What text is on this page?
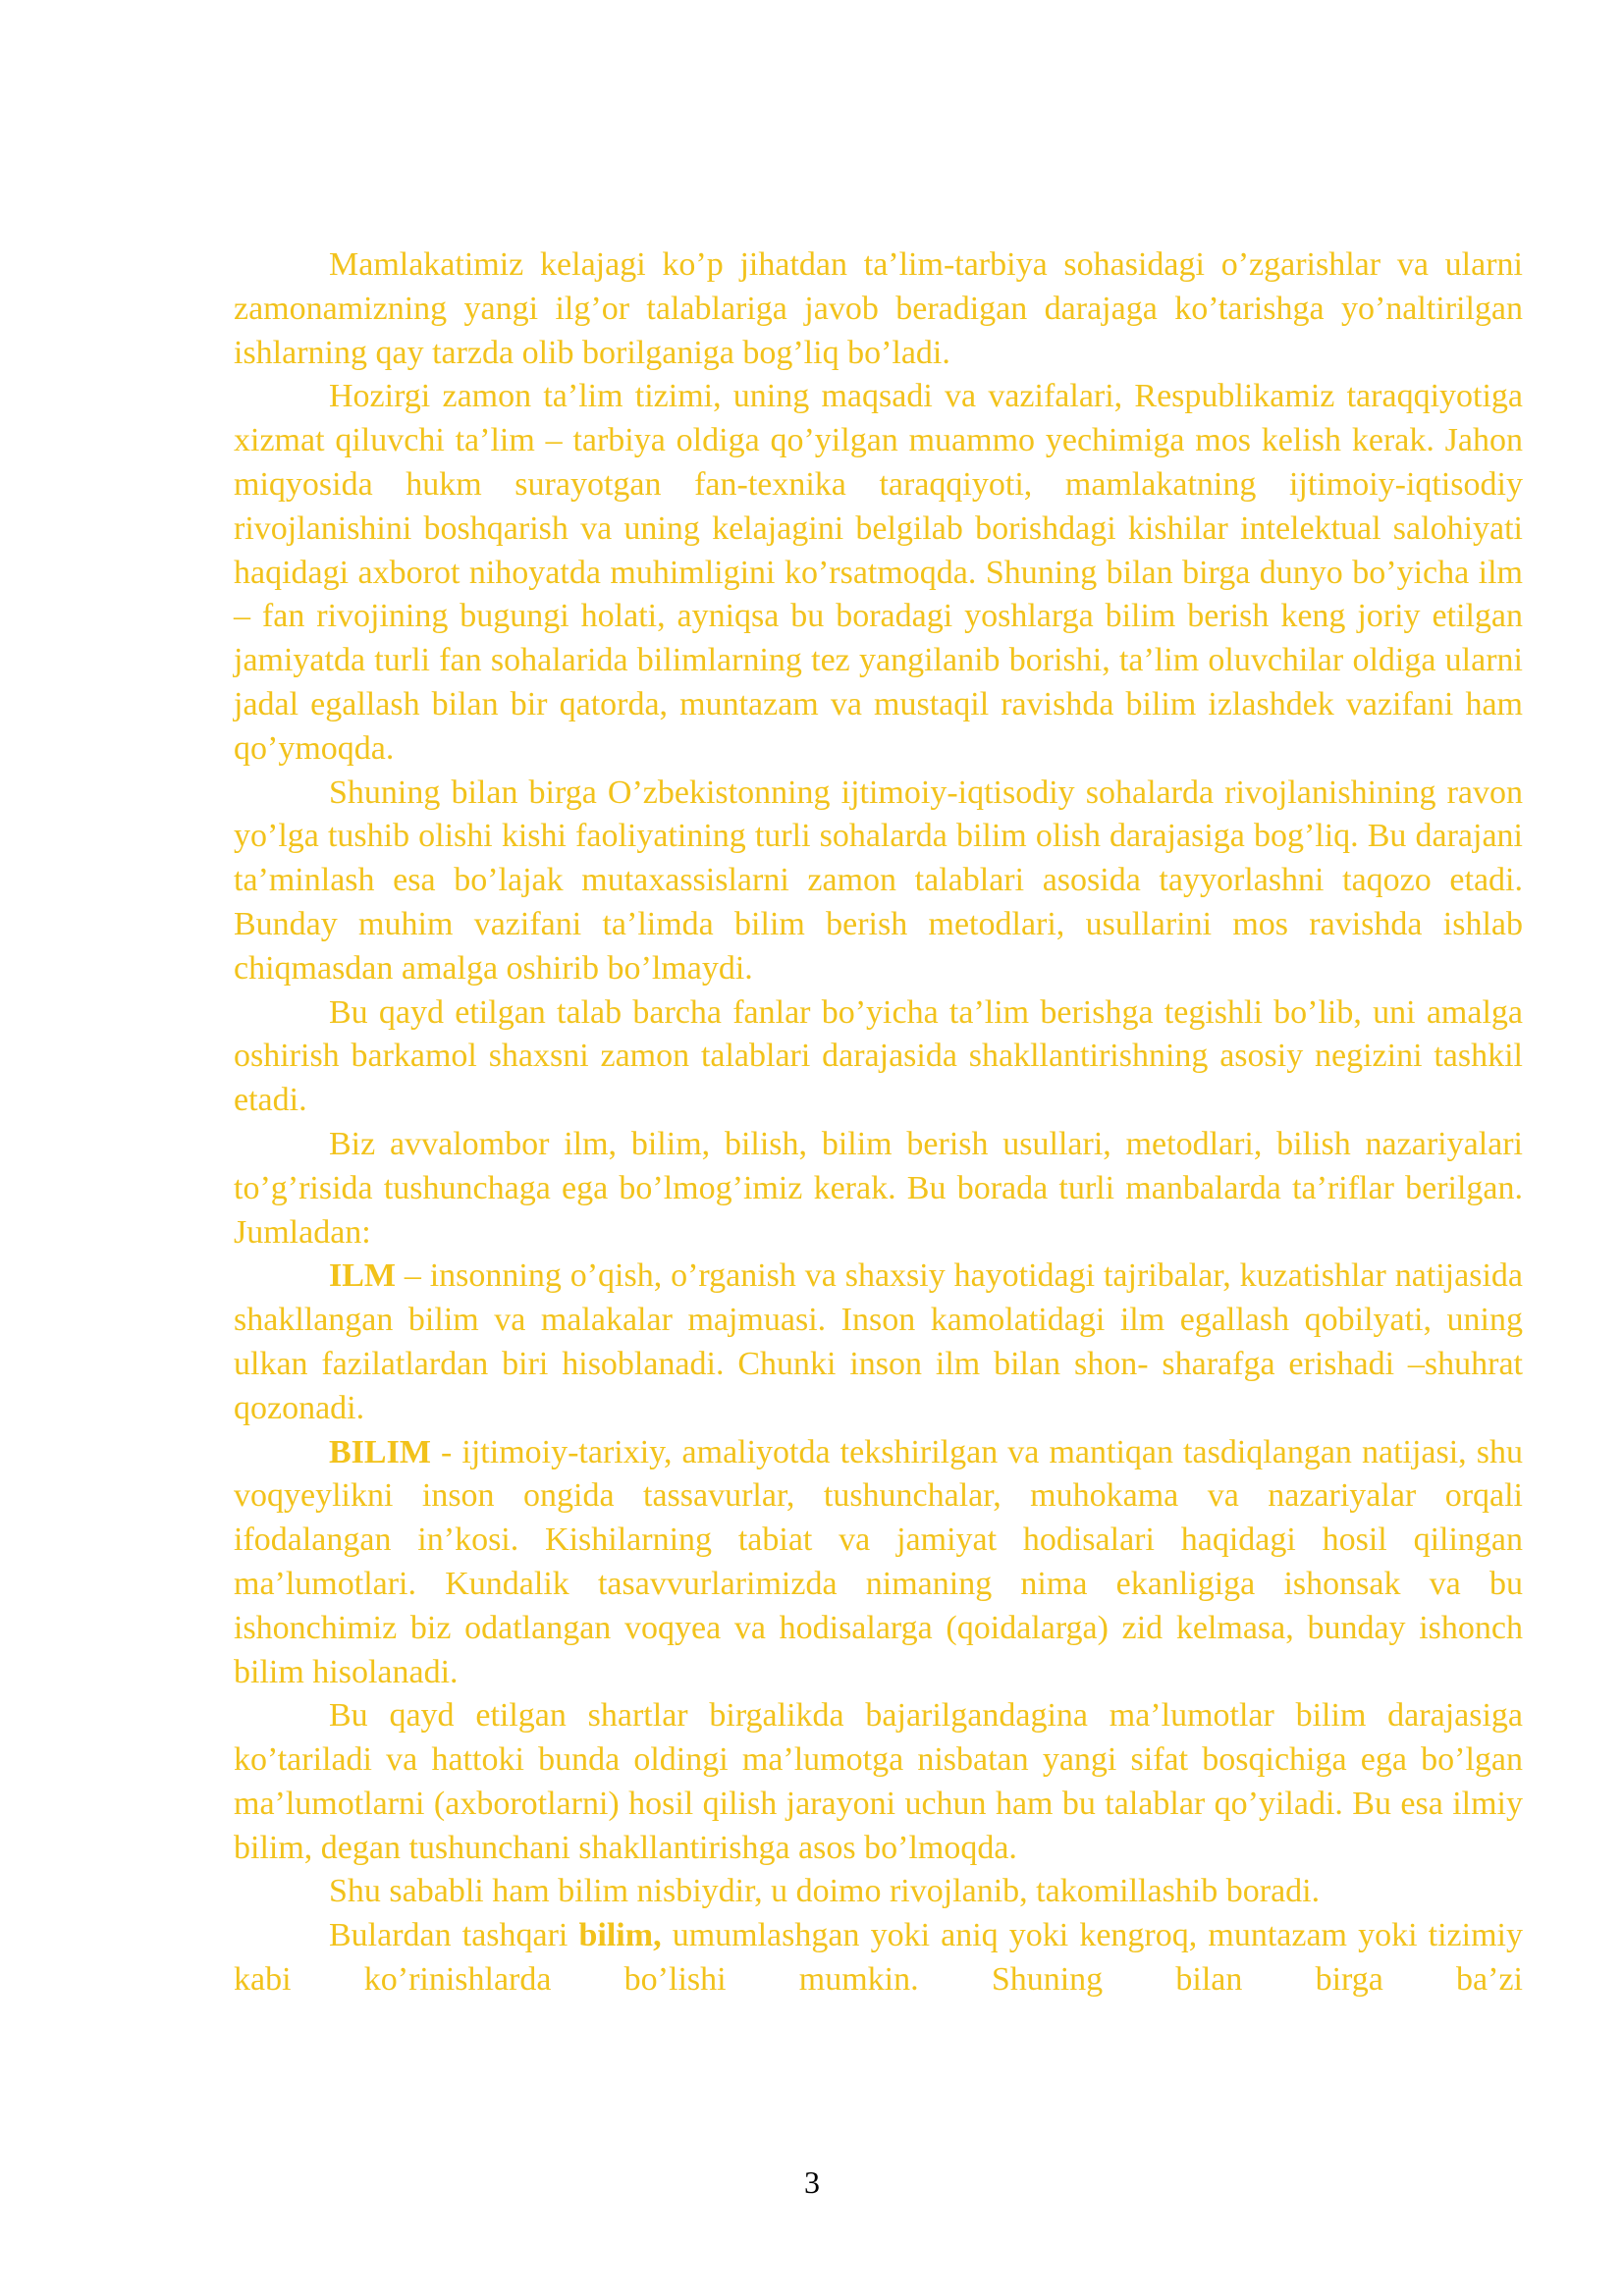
Mamlakatimiz kelajagi ko’p jihatdan ta’lim-tarbiya sohasidagi o’zgarishlar va ularni zamonamizning yangi ilg’or talablariga javob beradigan darajaga ko’tarishga yo’naltirilgan ishlarning qay tarzda olib borilganiga bog’liq bo’ladi.

Hozirgi zamon ta’lim tizimi, uning maqsadi va vazifalari, Respublikamiz taraqqiyotiga xizmat qiluvchi ta’lim – tarbiya oldiga qo’yilgan muammo yechimiga mos kelish kerak. Jahon miqyosida hukm surayotgan fan-texnika taraqqiyoti, mamlakatning ijtimoiy-iqtisodiy rivojlanishini boshqarish va uning kelajagini belgilab borishdagi kishilar intelektual salohiyati haqidagi axborot nihoyatda muhimligini ko’rsatmoqda. Shuning bilan birga dunyo bo’yicha ilm – fan rivojining bugungi holati, ayniqsa bu boradagi yoshlarga bilim berish keng joriy etilgan jamiyatda turli fan sohalarida bilimlarning tez yangilanib borishi, ta’lim oluvchilar oldiga ularni jadal egallash bilan bir qatorda, muntazam va mustaqil ravishda bilim izlashdek vazifani ham qo’ymoqda.

Shuning bilan birga O’zbekistonning ijtimoiy-iqtisodiy sohalarda rivojlanishining ravon yo’lga tushib olishi kishi faoliyatining turli sohalarda bilim olish darajasiga bog’liq. Bu darajani ta’minlash esa bo’lajak mutaxassislarni zamon talablari asosida tayyorlashni taqozo etadi. Bunday muhim vazifani ta’limda bilim berish metodlari, usullarini mos ravishda ishlab chiqmasdan amalga oshirib bo’lmaydi.

Bu qayd etilgan talab barcha fanlar bo’yicha ta’lim berishga tegishli bo’lib, uni amalga oshirish barkamol shaxsni zamon talablari darajasida shakllantirishning asosiy negizini tashkil etadi.

Biz avvalombor ilm, bilim, bilish, bilim berish usullari, metodlari, bilish nazariyalari to’g’risida tushunchaga ega bo’lmog’imiz kerak. Bu borada turli manbalarda ta’riflar berilgan. Jumladan:

ILM – insonning o’qish, o’rganish va shaxsiy hayotidagi tajribalar, kuzatishlar natijasida shakllangan bilim va malakalar majmuasi. Inson kamolatidagi ilm egallash qobilyati, uning ulkan fazilatlardan biri hisoblanadi. Chunki inson ilm bilan shon- sharafga erishadi –shuhrat qozonadi.

BILIM - ijtimoiy-tarixiy, amaliyotda tekshirilgan va mantiqan tasdiqlangan natijasi, shu voqyeylikni inson ongida tassavurlar, tushunchalar, muhokama va nazariyalar orqali ifodalangan in’kosi. Kishilarning tabiat va jamiyat hodisalari haqidagi hosil qilingan ma’lumotlari. Kundalik tasavvurlarimizda nimaning nima ekanligiga ishonsak va bu ishonchimiz biz odatlangan voqyea va hodisalarga (qoidalarga) zid kelmasa, bunday ishonch bilim hisolanadi.

Bu qayd etilgan shartlar birgalikda bajarilgandagina ma’lumotlar bilim darajasiga ko’tariladi va hattoki bunda oldingi ma’lumotga nisbatan yangi sifat bosqichiga ega bo’lgan ma’lumotlarni (axborotlarni) hosil qilish jarayoni uchun ham bu talablar qo’yiladi. Bu esa ilmiy bilim, degan tushunchani shakllantirishga asos bo’lmoqda.

Shu sababli ham bilim nisbiydir, u doimo rivojlanib, takomillashib boradi.

Bulardan tashqari bilim, umumlashgan yoki aniq yoki kengroq, muntazam yoki tizimiy kabi ko’rinishlarda bo’lishi mumkin. Shuning bilan birga ba’zi

3
